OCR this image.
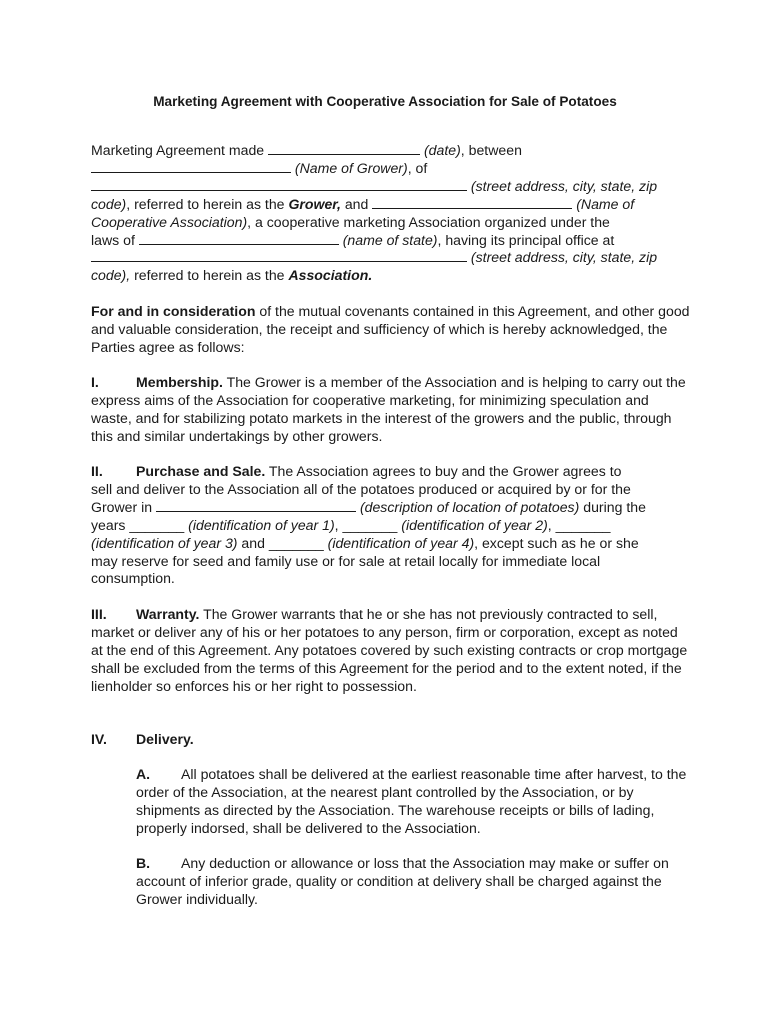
Marketing Agreement with Cooperative Association for Sale of Potatoes
Marketing Agreement made	(date), between
(Name of Grower), of
(street address, city, state, zip
code), referred to herein as the Grower, and	(Name of
Cooperative Association), a cooperative marketing Association organized under the
laws of	(name of state), having its principal office at
(street address, city, state, zip
code), referred to herein as the Association.
For and in consideration of the mutual covenants contained in this Agreement, and other good and valuable consideration, the receipt and sufficiency of which is hereby acknowledged, the Parties agree as follows:
I.	Membership. The Grower is a member of the Association and is helping to carry out the express aims of the Association for cooperative marketing, for minimizing speculation and waste, and for stabilizing potato markets in the interest of the growers and the public, through this and similar undertakings by other growers.
II. Purchase and Sale. The Association agrees to buy and the Grower agrees to
sell and deliver to the Association all of the potatoes produced or acquired by or for the
Grower in	(description of location of potatoes) during the
years _______ (identification of year 1), _______ (identification of year 2), _______
(identification of year 3) and _______ (identification of year 4), except such as he or she
may reserve for seed and family use or for sale at retail locally for immediate local
consumption.
III. Warranty. The Grower warrants that he or she has not previously contracted to sell, market or deliver any of his or her potatoes to any person, firm or corporation, except as noted at the end of this Agreement. Any potatoes covered by such existing contracts or crop mortgage shall be excluded from the terms of this Agreement for the period and to the extent noted, if the lienholder so enforces his or her right to possession.
IV. Delivery.
A. All potatoes shall be delivered at the earliest reasonable time after harvest, to the order of the Association, at the nearest plant controlled by the Association, or by shipments as directed by the Association. The warehouse receipts or bills of lading, properly indorsed, shall be delivered to the Association.
B. Any deduction or allowance or loss that the Association may make or suffer on account of inferior grade, quality or condition at delivery shall be charged against the Grower individually.
